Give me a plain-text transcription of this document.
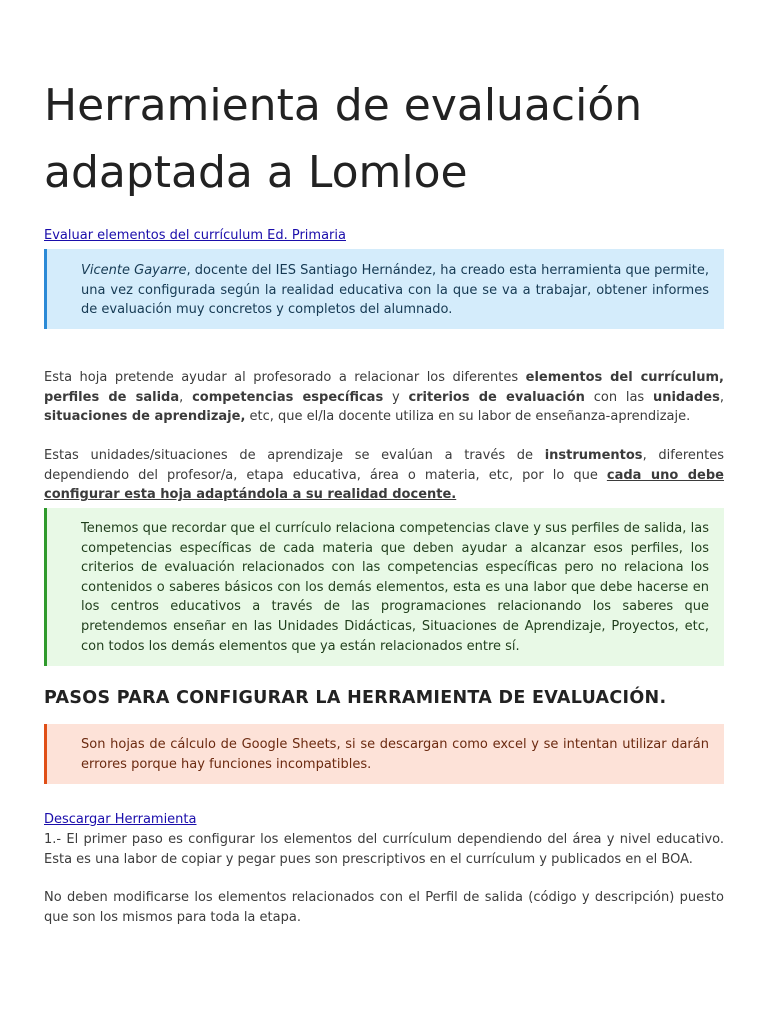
Herramienta de evaluación adaptada a Lomloe

Evaluar elementos del currículum Ed. Primaria

Vicente Gayarre, docente del IES Santiago Hernández, ha creado esta herramienta que permite, una vez configurada según la realidad educativa con la que se va a trabajar, obtener informes de evaluación muy concretos y completos del alumnado.

Esta hoja pretende ayudar al profesorado a relacionar los diferentes elementos del currículum, perfiles de salida, competencias específicas y criterios de evaluación con las unidades, situaciones de aprendizaje, etc, que el/la docente utiliza en su labor de enseñanza-aprendizaje.

Estas unidades/situaciones de aprendizaje se evalúan a través de instrumentos, diferentes dependiendo del profesor/a, etapa educativa, área o materia, etc, por lo que cada uno debe configurar esta hoja adaptándola a su realidad docente.

Tenemos que recordar que el currículo relaciona competencias clave y sus perfiles de salida, las competencias específicas de cada materia que deben ayudar a alcanzar esos perfiles, los criterios de evaluación relacionados con las competencias específicas pero no relaciona los contenidos o saberes básicos con los demás elementos, esta es una labor que debe hacerse en los centros educativos a través de las programaciones relacionando los saberes que pretendemos enseñar en las Unidades Didácticas, Situaciones de Aprendizaje, Proyectos, etc, con todos los demás elementos que ya están relacionados entre sí.
PASOS PARA CONFIGURAR LA HERRAMIENTA DE EVALUACIÓN.
Son hojas de cálculo de Google Sheets, si se descargan como excel y se intentan utilizar darán errores porque hay funciones incompatibles.

Descargar Herramienta

1.- El primer paso es configurar los elementos del currículum dependiendo del área y nivel educativo. Esta es una labor de copiar y pegar pues son prescriptivos en el currículum y publicados en el BOA.

No deben modificarse los elementos relacionados con el Perfil de salida (código y descripción) puesto que son los mismos para toda la etapa.
